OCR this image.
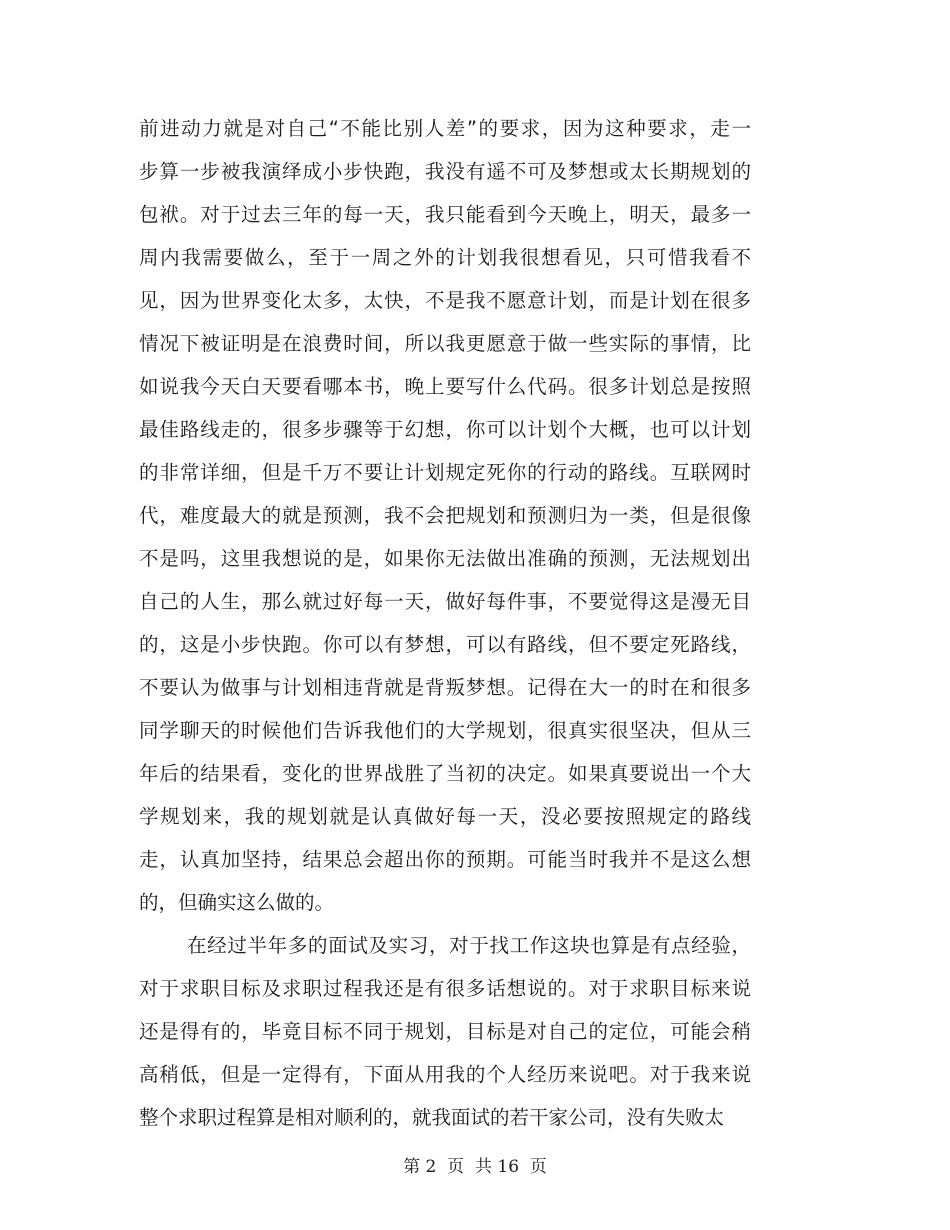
前进动力就是对自己“不能比别人差”的要求，因为这种要求，走一
步算一步被我演绎成小步快跑，我没有遥不可及梦想或太长期规划的
包袱。对于过去三年的每一天，我只能看到今天晚上，明天，最多一
周内我需要做么，至于一周之外的计划我很想看见，只可惜我看不
见，因为世界变化太多，太快，不是我不愿意计划，而是计划在很多
情况下被证明是在浪费时间，所以我更愿意于做一些实际的事情，比
如说我今天白天要看哪本书，晚上要写什么代码。很多计划总是按照
最佳路线走的，很多步骤等于幻想，你可以计划个大概，也可以计划
的非常详细，但是千万不要让计划规定死你的行动的路线。互联网时
代，难度最大的就是预测，我不会把规划和预测归为一类，但是很像
不是吗，这里我想说的是，如果你无法做出准确的预测，无法规划出
自己的人生，那么就过好每一天，做好每件事，不要觉得这是漫无目
的，这是小步快跑。你可以有梦想，可以有路线，但不要定死路线，
不要认为做事与计划相违背就是背叛梦想。记得在大一的时在和很多
同学聊天的时候他们告诉我他们的大学规划，很真实很坚决，但从三
年后的结果看，变化的世界战胜了当初的决定。如果真要说出一个大
学规划来，我的规划就是认真做好每一天，没必要按照规定的路线
走，认真加坚持，结果总会超出你的预期。可能当时我并不是这么想
的，但确实这么做的。
在经过半年多的面试及实习，对于找工作这块也算是有点经验，
对于求职目标及求职过程我还是有很多话想说的。对于求职目标来说
还是得有的，毕竟目标不同于规划，目标是对自己的定位，可能会稍
高稍低，但是一定得有，下面从用我的个人经历来说吧。对于我来说
整个求职过程算是相对顺利的，就我面试的若干家公司，没有失败太
第 2  页  共 16  页
